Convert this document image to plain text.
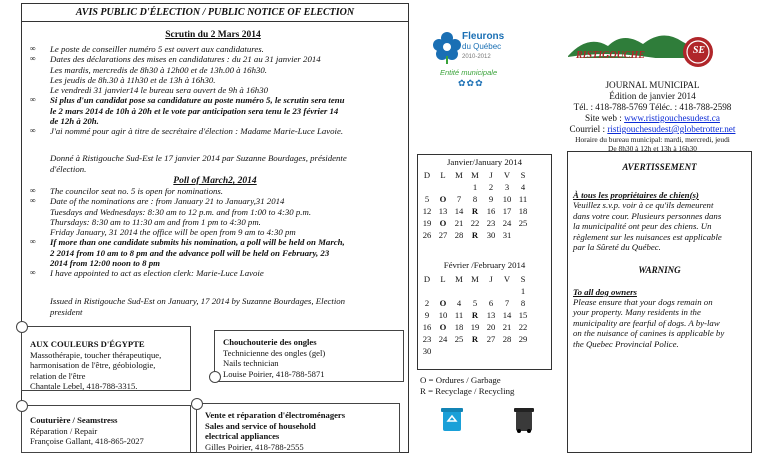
AVIS PUBLIC D'ÉLECTION / PUBLIC NOTICE OF ELECTION
Scrutin du 2 Mars 2014
∞ Le poste de conseiller numéro 5 est ouvert aux candidatures.
∞ Dates des déclarations des mises en candidatures : du 21 au 31 janvier 2014
Les mardis, mercredis de 8h30 à 12h00 et de 13h.00 à 16h30.
Les jeudis de 8h.30 à 11h30 et de 13h à 16h30.
Le vendredi 31 janvier14 le bureau sera ouvert de 9h à 16h30
∞ Si plus d'un candidat pose sa candidature au poste numéro 5, le scrutin sera tenu
le 2 mars 2014 de 10h à 20h et le vote par anticipation sera tenu le 23 février 14
de 12h à 20h.
∞ J'ai nommé pour agir à titre de secrétaire d'élection : Madame Marie-Luce Lavoie.
Donné à Ristigouche Sud-Est le 17 janvier 2014 par Suzanne Bourdages, présidente
d'élection.
Poll of March2, 2014
∞ The councilor seat no. 5 is open for nominations.
∞ Date of the nominations are : from January 21 to January,31 2014
Tuesdays and Wednesdays: 8:30 am to 12 p.m. and from 1:00 to 4:30 p.m.
Thursdays: 8:30 am to 11:30 am and from 1 pm to 4:30 pm.
Friday January, 31 2014 the office will be open from 9 am to 4:30 pm
∞ If more than one candidate submits his nomination, a poll will be held on March,
2 2014 from 10 am to 8 pm and the advance poll will be held on February, 23
2014 from 12:00 noon to 8 pm
∞ I have appointed to act as election clerk: Marie-Luce Lavoie
Issued in Ristigouche Sud-Est on January, 17 2014 by Suzanne Bourdages, Election
president
AUX COULEURS D'ÉGYPTE
Massothérapie, toucher thérapeutique,
harmonisation de l'être, géobiologie,
relation de l'être
Chantale Lebel, 418-788-3315.
Chouchouterie des ongles
Technicienne des ongles (gel)
Nails technician
Louise Poirier, 418-788-5871
Couturière / Seamstress
Réparation / Repair
Françoise Gallant, 418-865-2027
Vente et réparation d'électroménagers
Sales and service of household
electrical appliances
Gilles Poirier, 418-788-2555
Fleurons
du Québec
2010-2012
Entité municipale
✿✿✿
RISTIGOUCHE	SE
JOURNAL MUNICIPAL
Édition de janvier 2014
Tél. : 418-788-5769 Téléc. : 418-788-2598
Site web : www.ristigouchesudest.ca
Courriel : ristigouchesudest@globetrotter.net
Horaire du bureau municipal: mardi, mercredi, jeudi
De 8h30 à 12h et 13h à 16h30
Janvier/January 2014
D	L	M	M	J	V	S
			1	2	3	4
5	O	7	8	9	10	11
12	13	14	R	16	17	18
19	O	21	22	23	24	25
26	27	28	R	30	31	
Février /February 2014
D	L	M	M	J	V	S
						1
2	O	4	5	6	7	8
9	10	11	R	13	14	15
16	O	18	19	20	21	22
23	24	25	R	27	28	29
30						
O = Ordures / Garbage
R = Recyclage / Recycling
AVERTISSEMENT
À tous les propriétaires de chien(s)
Veuillez s.v.p. voir à ce qu'ils demeurent
dans votre cour. Plusieurs personnes dans
la municipalité ont peur des chiens. Un
règlement sur les nuisances est applicable
par la Sûreté du Québec.
WARNING
To all dog owners
Please ensure that your dogs remain on
your property. Many residents in the
municipality are fearful of dogs. A by-law
on the nuisance of canines is applicable by
the Quebec Provincial Police.
